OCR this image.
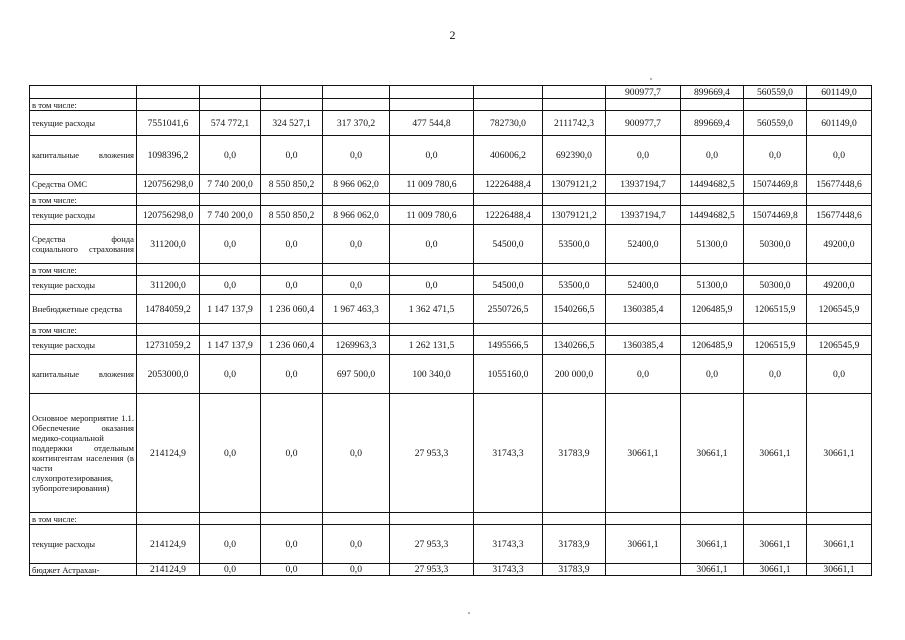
2
								900977,7	899669,4	560559,0	601149,0
в том числе:											
текущие расходы	7551041,6	574 772,1	324 527,1	317 370,2	477 544,8	782730,0	2111742,3	900977,7	899669,4	560559,0	601149,0
капитальные вложения	1098396,2	0,0	0,0	0,0	0,0	406006,2	692390,0	0,0	0,0	0,0	0,0
Средства ОМС	120756298,0	7 740 200,0	8 550 850,2	8 966 062,0	11 009 780,6	12226488,4	13079121,2	13937194,7	14494682,5	15074469,8	15677448,6
в том числе:											
текущие расходы	120756298,0	7 740 200,0	8 550 850,2	8 966 062,0	11 009 780,6	12226488,4	13079121,2	13937194,7	14494682,5	15074469,8	15677448,6
Средства фонда социального страхования	311200,0	0,0	0,0	0,0	0,0	54500,0	53500,0	52400,0	51300,0	50300,0	49200,0
в том числе:											
текущие расходы	311200,0	0,0	0,0	0,0	0,0	54500,0	53500,0	52400,0	51300,0	50300,0	49200,0
Внебюджетные средства	14784059,2	1 147 137,9	1 236 060,4	1 967 463,3	1 362 471,5	2550726,5	1540266,5	1360385,4	1206485,9	1206515,9	1206545,9
в том числе:											
текущие расходы	12731059,2	1 147 137,9	1 236 060,4	1269963,3	1 262 131,5	1495566,5	1340266,5	1360385,4	1206485,9	1206515,9	1206545,9
капитальные вложения	2053000,0	0,0	0,0	697 500,0	100 340,0	1055160,0	200 000,0	0,0	0,0	0,0	0,0
Основное мероприятие 1.1. Обеспечение оказания медико-социальной поддержки отдельным контингентам населения (в части слухопротезирования, зубопротезирования)	214124,9	0,0	0,0	0,0	27 953,3	31743,3	31783,9	30661,1	30661,1	30661,1	30661,1
в том числе:											
текущие расходы	214124,9	0,0	0,0	0,0	27 953,3	31743,3	31783,9	30661,1	30661,1	30661,1	30661,1
бюджет Астрахан-	214124,9	0,0	0,0	0,0	27 953,3	31743,3	31783,9		30661,1	30661,1	30661,1
